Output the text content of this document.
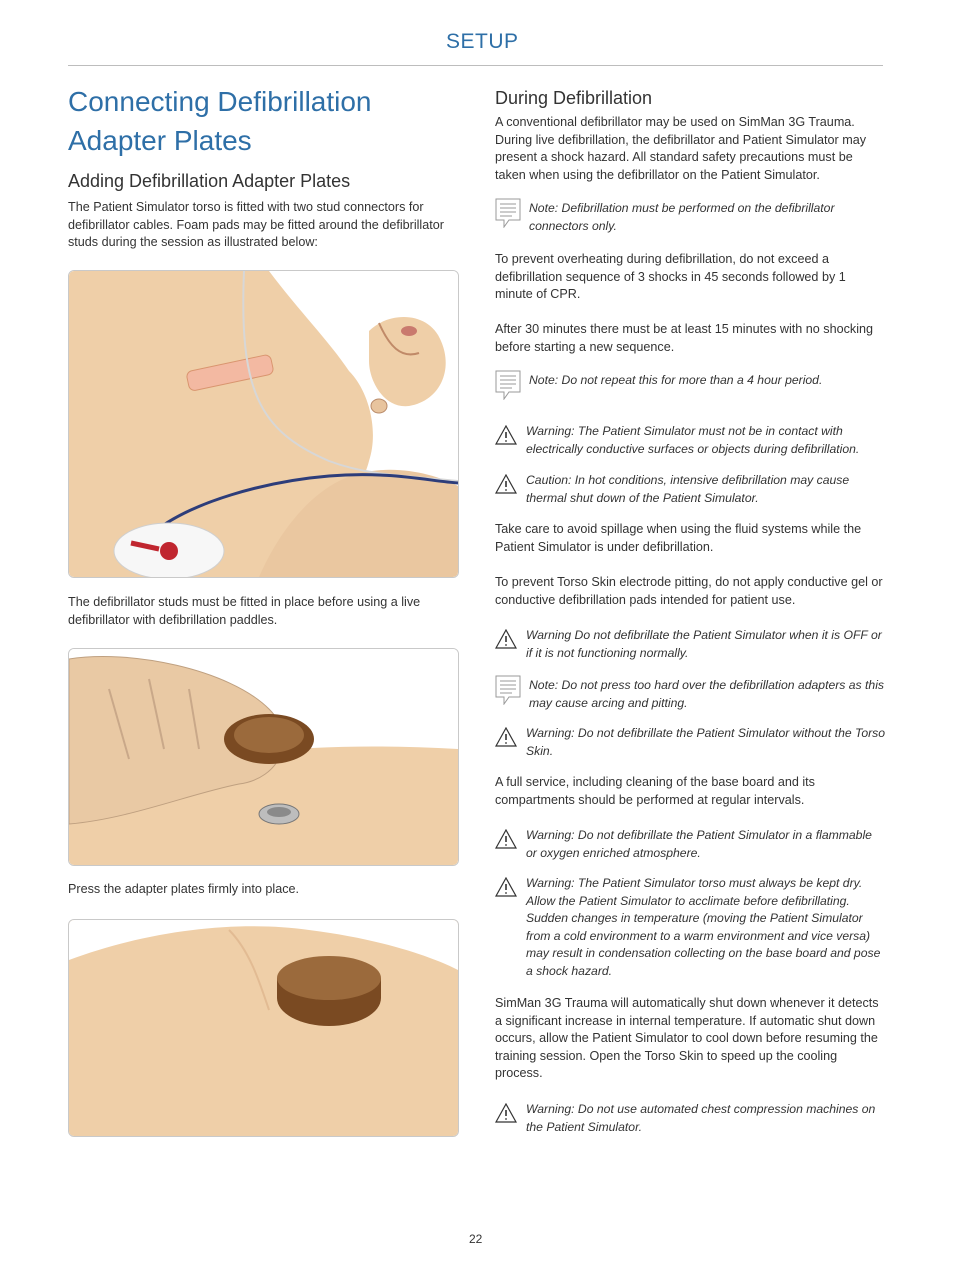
SETUP
Connecting Defibrillation Adapter Plates
Adding Defibrillation Adapter Plates

The Patient Simulator torso is fitted with two stud connectors for defibrillator cables. Foam pads may be fitted around the defibrillator studs during the session as illustrated below:

The defibrillator studs must be fitted in place before using a live defibrillator with defibrillation paddles.

Press the adapter plates firmly into place.

During Defibrillation

A conventional defibrillator may be used on SimMan 3G Trauma. During live defibrillation, the defibrillator and Patient Simulator may present a shock hazard. All standard safety precautions must be taken when using the defibrillator on the Patient Simulator.

Note: Defibrillation must be performed on the defibrillator connectors only.

To prevent overheating during defibrillation, do not exceed a defibrillation sequence of 3 shocks in 45 seconds followed by 1 minute of CPR.

After 30 minutes there must be at least 15 minutes with no shocking before starting a new sequence.

Note: Do not repeat this for more than a 4 hour period.

Warning: The Patient Simulator must not be in contact with electrically conductive surfaces or objects during defibrillation.

Caution: In hot conditions, intensive defibrillation may cause thermal shut down of the Patient Simulator.

Take care to avoid spillage when using the fluid systems while the Patient Simulator is under defibrillation.

To prevent Torso Skin electrode pitting, do not apply conductive gel or conductive defibrillation pads intended for patient use.

Warning Do not defibrillate the Patient Simulator when it is OFF or if it is not functioning normally.

Note: Do not press too hard over the defibrillation adapters as this may cause arcing and pitting.

Warning: Do not defibrillate the Patient Simulator without the Torso Skin.

A full service, including cleaning of the base board and its compartments should be performed at regular intervals.

Warning: Do not defibrillate the Patient Simulator in a flammable or oxygen enriched atmosphere.

Warning: The Patient Simulator torso must always be kept dry. Allow the Patient Simulator to acclimate before defibrillating. Sudden changes in temperature (moving the Patient Simulator from a cold environment to a warm environment and vice versa) may result in condensation collecting on the base board and pose a shock hazard.

SimMan 3G Trauma will automatically shut down whenever it detects a significant increase in internal temperature. If automatic shut down occurs, allow the Patient Simulator to cool down before resuming the training session. Open the Torso Skin to speed up the cooling process.

Warning: Do not use automated chest compression machines on the Patient Simulator.

22
